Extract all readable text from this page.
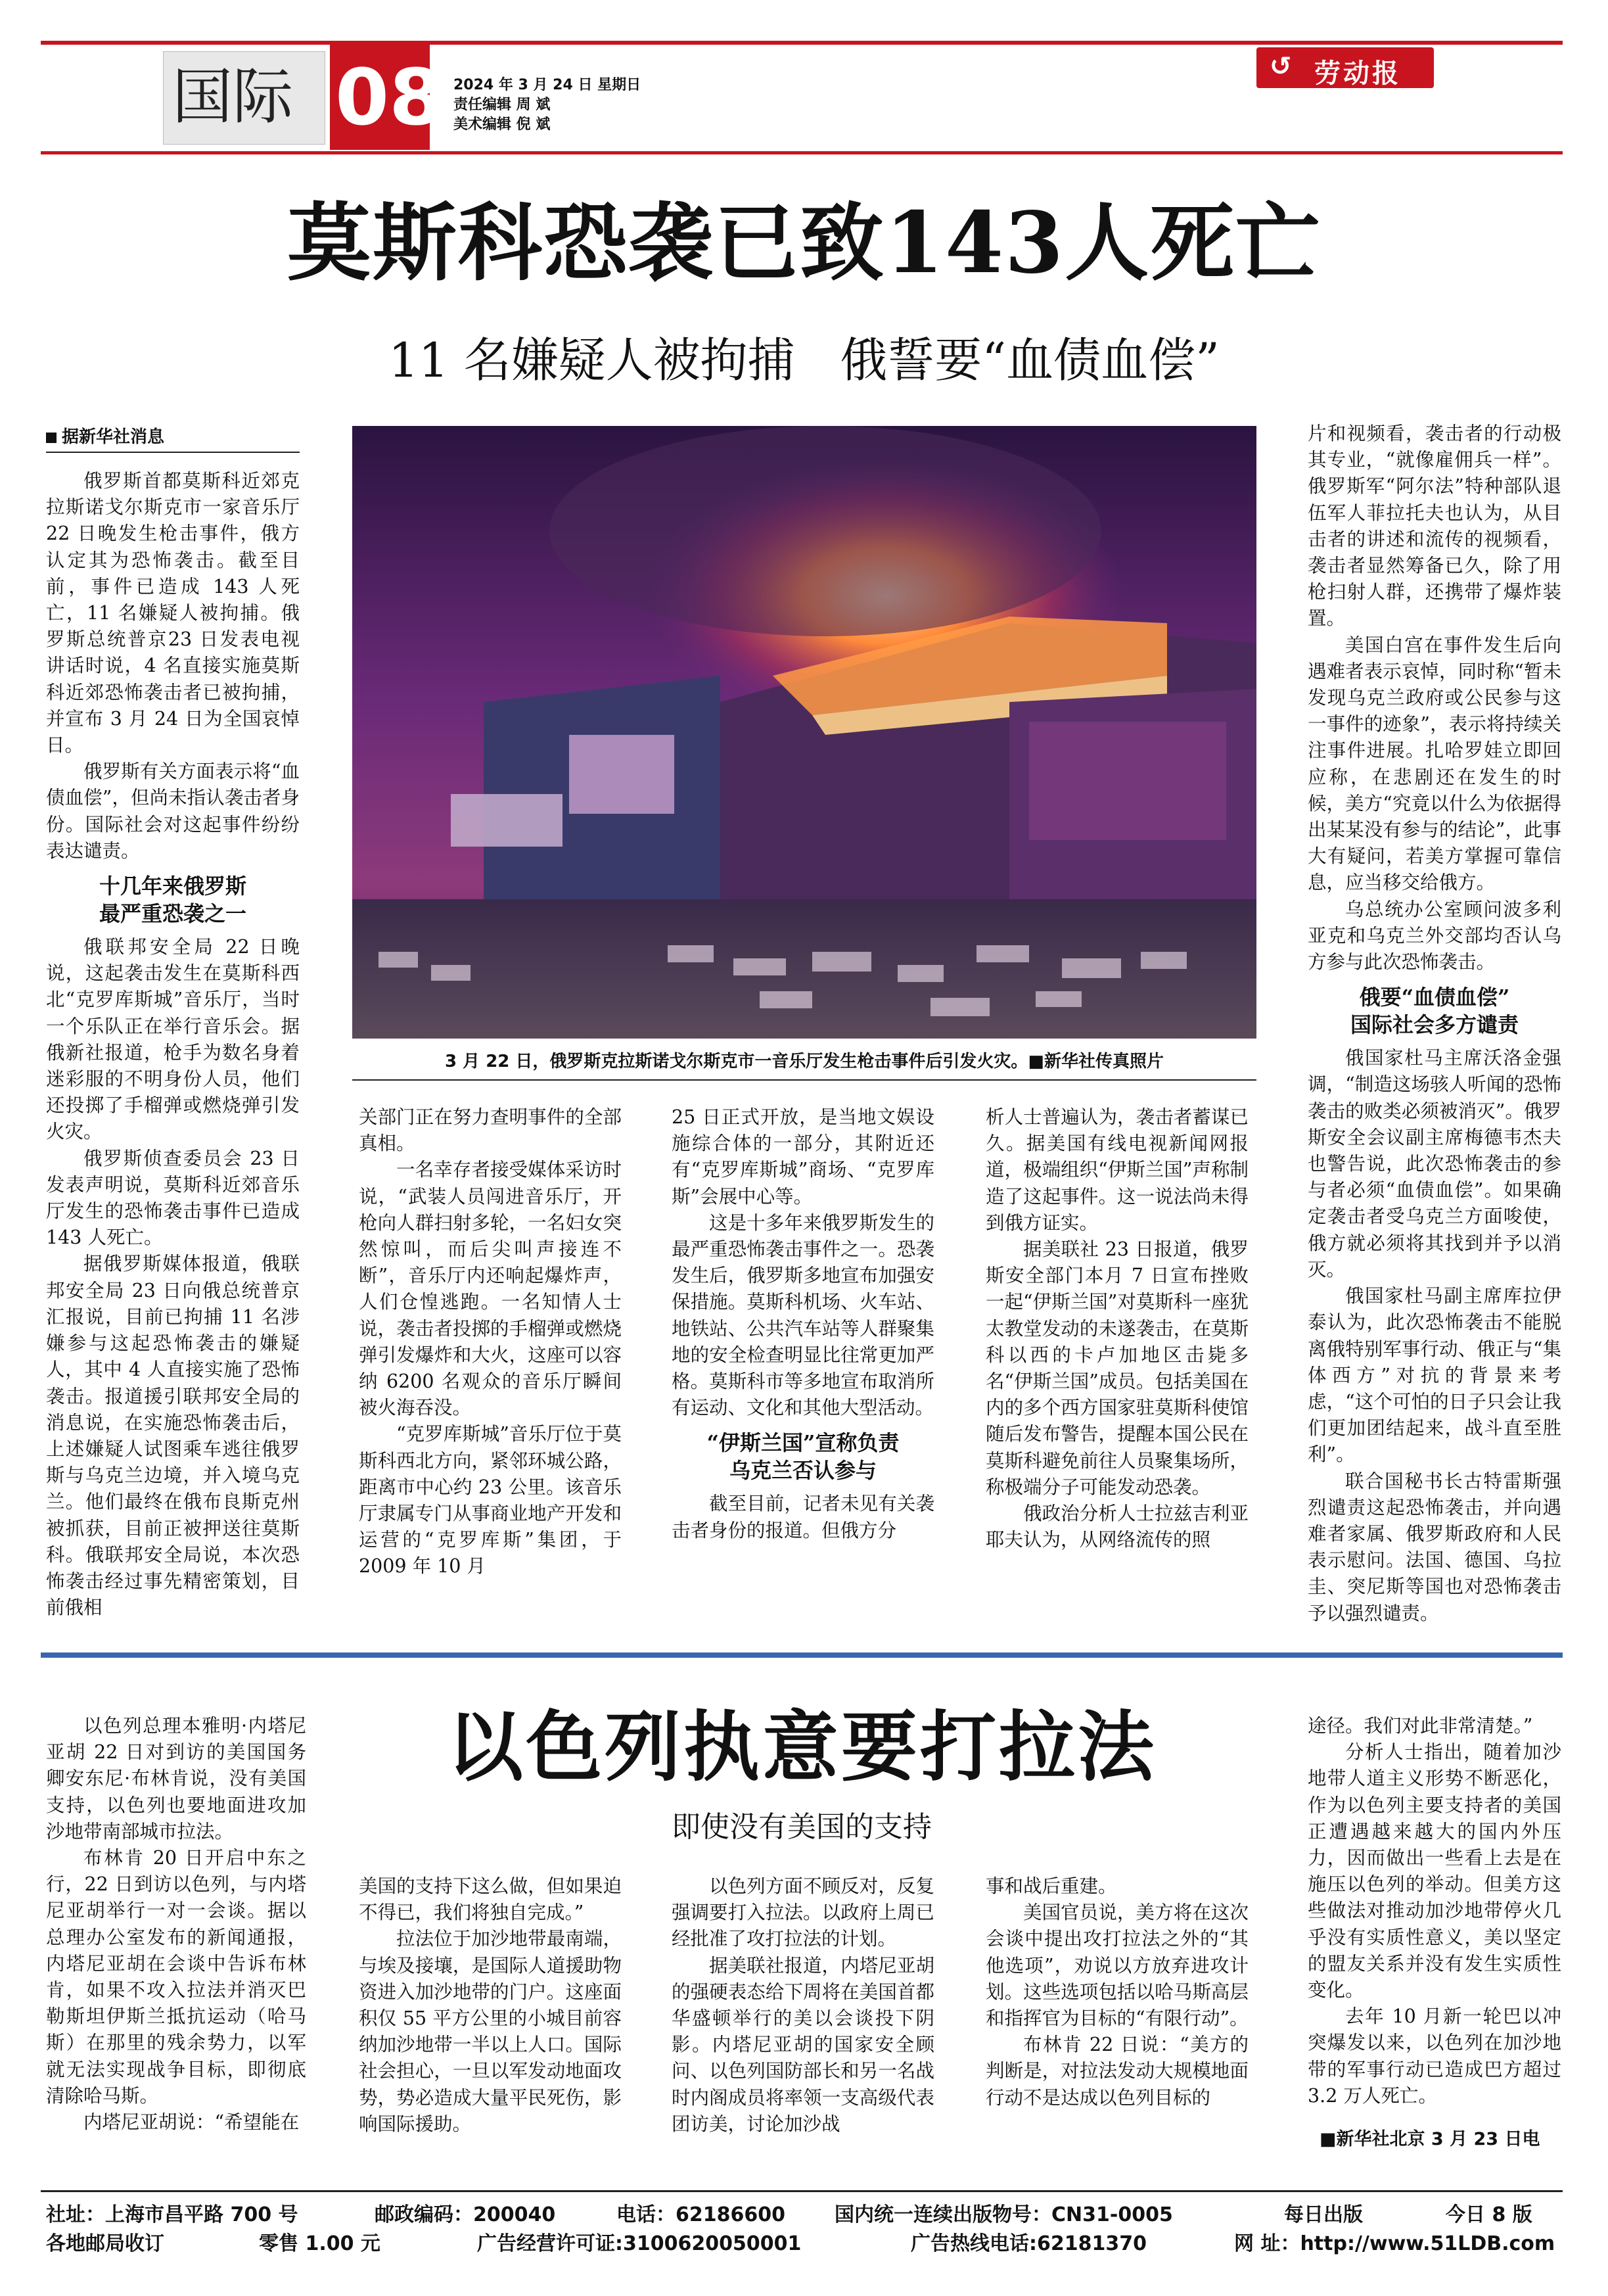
国际 08 2024 年 3 月 24 日 星期日
责任编辑 周 斌
美术编辑 倪 斌
↺ 劳动报
莫斯科恐袭已致143人死亡
11 名嫌疑人被拘捕   俄誓要“血债血偿”
据新华社消息

俄罗斯首都莫斯科近郊克拉斯诺戈尔斯克市一家音乐厅22 日晚发生枪击事件，俄方认定其为恐怖袭击。截至目前，事件已造成 143 人死亡，11 名嫌疑人被拘捕。俄罗斯总统普京23 日发表电视讲话时说，4 名直接实施莫斯科近郊恐怖袭击者已被拘捕，并宣布 3 月 24 日为全国哀悼日。

俄罗斯有关方面表示将“血债血偿”，但尚未指认袭击者身份。国际社会对这起事件纷纷表达谴责。

十几年来俄罗斯
最严重恐袭之一

俄联邦安全局 22 日晚说，这起袭击发生在莫斯科西北“克罗库斯城”音乐厅，当时一个乐队正在举行音乐会。据俄新社报道，枪手为数名身着迷彩服的不明身份人员，他们还投掷了手榴弹或燃烧弹引发火灾。

俄罗斯侦查委员会 23 日发表声明说，莫斯科近郊音乐厅发生的恐怖袭击事件已造成143 人死亡。

据俄罗斯媒体报道，俄联邦安全局 23 日向俄总统普京汇报说，目前已拘捕 11 名涉嫌参与这起恐怖袭击的嫌疑人，其中 4 人直接实施了恐怖袭击。报道援引联邦安全局的消息说，在实施恐怖袭击后，上述嫌疑人试图乘车逃往俄罗斯与乌克兰边境，并入境乌克兰。他们最终在俄布良斯克州被抓获，目前正被押送往莫斯科。俄联邦安全局说，本次恐怖袭击经过事先精密策划，目前俄相

3 月 22 日，俄罗斯克拉斯诺戈尔斯克市一音乐厅发生枪击事件后引发火灾。■新华社传真照片

关部门正在努力查明事件的全部真相。

一名幸存者接受媒体采访时说，“武装人员闯进音乐厅，开枪向人群扫射多轮，一名妇女突然惊叫，而后尖叫声接连不断”，音乐厅内还响起爆炸声，人们仓惶逃跑。一名知情人士说，袭击者投掷的手榴弹或燃烧弹引发爆炸和大火，这座可以容纳 6200 名观众的音乐厅瞬间被火海吞没。

“克罗库斯城”音乐厅位于莫斯科西北方向，紧邻环城公路，距离市中心约 23 公里。该音乐厅隶属专门从事商业地产开发和运营的“克罗库斯”集团，于 2009 年 10 月

25 日正式开放，是当地文娱设施综合体的一部分，其附近还有“克罗库斯城”商场、“克罗库斯”会展中心等。

这是十多年来俄罗斯发生的最严重恐怖袭击事件之一。恐袭发生后，俄罗斯多地宣布加强安保措施。莫斯科机场、火车站、地铁站、公共汽车站等人群聚集地的安全检查明显比往常更加严格。莫斯科市等多地宣布取消所有运动、文化和其他大型活动。

“伊斯兰国”宣称负责
乌克兰否认参与

截至目前，记者未见有关袭击者身份的报道。但俄方分

析人士普遍认为，袭击者蓄谋已久。据美国有线电视新闻网报道，极端组织“伊斯兰国”声称制造了这起事件。这一说法尚未得到俄方证实。

据美联社 23 日报道，俄罗斯安全部门本月 7 日宣布挫败一起“伊斯兰国”对莫斯科一座犹太教堂发动的未遂袭击，在莫斯科以西的卡卢加地区击毙多名“伊斯兰国”成员。包括美国在内的多个西方国家驻莫斯科使馆随后发布警告，提醒本国公民在莫斯科避免前往人员聚集场所，称极端分子可能发动恐袭。

俄政治分析人士拉兹吉利亚耶夫认为，从网络流传的照

片和视频看，袭击者的行动极其专业，“就像雇佣兵一样”。俄罗斯军“阿尔法”特种部队退伍军人菲拉托夫也认为，从目击者的讲述和流传的视频看，袭击者显然筹备已久，除了用枪扫射人群，还携带了爆炸装置。

美国白宫在事件发生后向遇难者表示哀悼，同时称“暂未发现乌克兰政府或公民参与这一事件的迹象”，表示将持续关注事件进展。扎哈罗娃立即回应称，在悲剧还在发生的时候，美方“究竟以什么为依据得出某某没有参与的结论”，此事大有疑问，若美方掌握可靠信息，应当移交给俄方。

乌总统办公室顾问波多利亚克和乌克兰外交部均否认乌方参与此次恐怖袭击。

俄要“血债血偿”
国际社会多方谴责

俄国家杜马主席沃洛金强调，“制造这场骇人听闻的恐怖袭击的败类必须被消灭”。俄罗斯安全会议副主席梅德韦杰夫也警告说，此次恐怖袭击的参与者必须“血债血偿”。如果确定袭击者受乌克兰方面唆使，俄方就必须将其找到并予以消灭。

俄国家杜马副主席库拉伊泰认为，此次恐怖袭击不能脱离俄特别军事行动、俄正与“集体西方”对抗的背景来考虑，“这个可怕的日子只会让我们更加团结起来，战斗直至胜利”。

联合国秘书长古特雷斯强烈谴责这起恐怖袭击，并向遇难者家属、俄罗斯政府和人民表示慰问。法国、德国、乌拉圭、突尼斯等国也对恐怖袭击予以强烈谴责。

以色列执意要打拉法
即使没有美国的支持

以色列总理本雅明·内塔尼亚胡 22 日对到访的美国国务卿安东尼·布林肯说，没有美国支持，以色列也要地面进攻加沙地带南部城市拉法。

布林肯 20 日开启中东之行，22 日到访以色列，与内塔尼亚胡举行一对一会谈。据以总理办公室发布的新闻通报，内塔尼亚胡在会谈中告诉布林肯，如果不攻入拉法并消灭巴勒斯坦伊斯兰抵抗运动（哈马斯）在那里的残余势力，以军就无法实现战争目标，即彻底清除哈马斯。

内塔尼亚胡说：“希望能在

美国的支持下这么做，但如果迫不得已，我们将独自完成。”

拉法位于加沙地带最南端，与埃及接壤，是国际人道援助物资进入加沙地带的门户。这座面积仅 55 平方公里的小城目前容纳加沙地带一半以上人口。国际社会担心，一旦以军发动地面攻势，势必造成大量平民死伤，影响国际援助。

以色列方面不顾反对，反复强调要打入拉法。以政府上周已经批准了攻打拉法的计划。

据美联社报道，内塔尼亚胡的强硬表态给下周将在美国首都华盛顿举行的美以会谈投下阴影。内塔尼亚胡的国家安全顾问、以色列国防部长和另一名战时内阁成员将率领一支高级代表团访美，讨论加沙战

事和战后重建。

美国官员说，美方将在这次会谈中提出攻打拉法之外的“其他选项”，劝说以方放弃进攻计划。这些选项包括以哈马斯高层和指挥官为目标的“有限行动”。

布林肯 22 日说：“美方的判断是，对拉法发动大规模地面行动不是达成以色列目标的

途径。我们对此非常清楚。”

分析人士指出，随着加沙地带人道主义形势不断恶化，作为以色列主要支持者的美国正遭遇越来越大的国内外压力，因而做出一些看上去是在施压以色列的举动。但美方这些做法对推动加沙地带停火几乎没有实质性意义，美以坚定的盟友关系并没有发生实质性变化。

去年 10 月新一轮巴以冲突爆发以来，以色列在加沙地带的军事行动已造成巴方超过 3.2 万人死亡。

■新华社北京 3 月 23 日电
社址：上海市昌平路 700 号	邮政编码：200040	电话：62186600	国内统一连续出版物号：CN31-0005	每日出版	今日 8 版
各地邮局收订	零售 1.00 元	广告经营许可证:3100620050001	广告热线电话:62181370	网 址：http://www.51LDB.com
